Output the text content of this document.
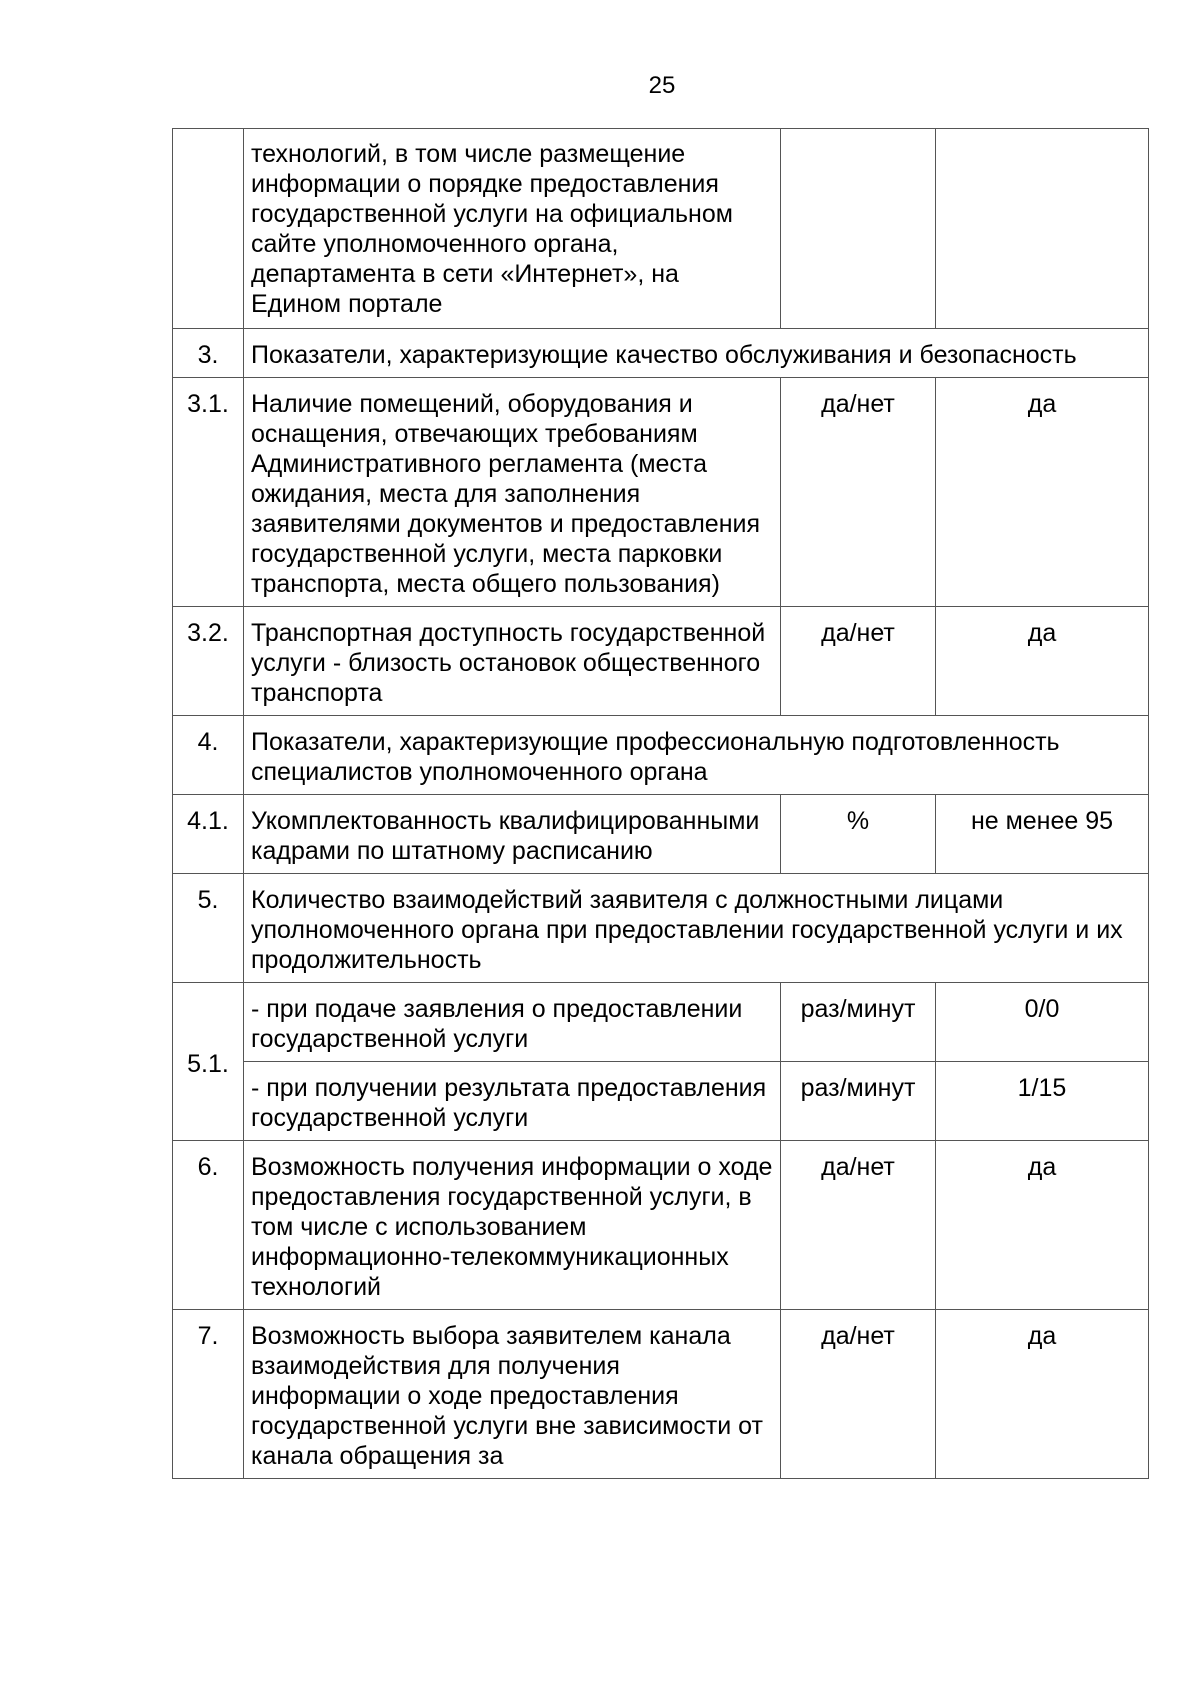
25
	технологий, в том числе размещение информации о порядке предоставления государственной услуги на официальном сайте уполномоченного органа, департамента в сети «Интернет», на Едином портале		
3.	Показатели, характеризующие качество обслуживания и безопасность		
3.1.	Наличие помещений, оборудования и оснащения, отвечающих требованиям Административного регламента (места ожидания, места для заполнения заявителями документов и предоставления государственной услуги, места парковки транспорта, места общего пользования)	да/нет	да
3.2.	Транспортная доступность государственной услуги - близость остановок общественного транспорта	да/нет	да
4.	Показатели, характеризующие профессиональную подготовленность специалистов уполномоченного органа		
4.1.	Укомплектованность квалифицированными кадрами по штатному расписанию	%	не менее 95
5.	Количество взаимодействий заявителя с должностными лицами уполномоченного органа при предоставлении государственной услуги и их продолжительность		
5.1.	- при подаче заявления о предоставлении государственной услуги	раз/минут	0/0
	- при получении результата предоставления государственной услуги	раз/минут	1/15
6.	Возможность получения информации о ходе предоставления государственной услуги, в том числе с использованием информационно-телекоммуникационных технологий	да/нет	да
7.	Возможность выбора заявителем канала взаимодействия для получения информации о ходе предоставления государственной услуги вне зависимости от канала обращения за	да/нет	да
